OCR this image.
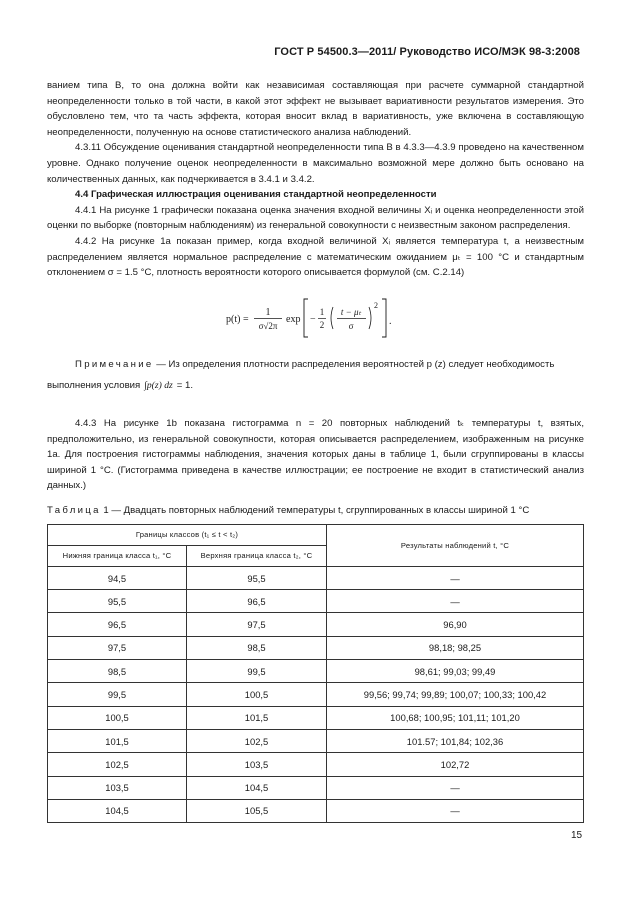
ГОСТ Р 54500.3—2011/ Руководство ИСО/МЭК 98-3:2008

ванием типа В, то она должна войти как независимая составляющая при расчете суммарной стандартной неопределенности только в той части, в какой этот эффект не вызывает вариативности результатов измерения. Это обусловлено тем, что та часть эффекта, которая вносит вклад в вариативность, уже включена в составляющую неопределенности, полученную на основе статистического анализа наблюдений.

4.3.11 Обсуждение оценивания стандартной неопределенности типа В в 4.3.3—4.3.9 проведено на качественном уровне. Однако получение оценок неопределенности в максимально возможной мере должно быть основано на количественных данных, как подчеркивается в 3.4.1 и 3.4.2.

4.4 Графическая иллюстрация оценивания стандартной неопределенности

4.4.1 На рисунке 1 графически показана оценка значения входной величины Xᵢ и оценка неопределенности этой оценки по выборке (повторным наблюдениям) из генеральной совокупности с неизвестным законом распределения.

4.4.2 На рисунке 1а показан пример, когда входной величиной Xᵢ является температура t, а неизвестным распределением является нормальное распределение с математическим ожиданием μₜ = 100 °С и стандартным отклонением σ = 1.5 °С, плотность вероятности которого описывается формулой (см. С.2.14)

p(t) =
1
σ√2π
exp −
1
2
t − μₜ
σ
2
.

Примечание — Из определения плотности распределения вероятностей p (z) следует необходимость

выполнения условия ∫p(z) dz = 1.

4.4.3 На рисунке 1b показана гистограмма n = 20 повторных наблюдений tₖ температуры t, взятых, предположительно, из генеральной совокупности, которая описывается распределением, изображенным на рисунке 1а. Для построения гистограммы наблюдения, значения которых даны в таблице 1, были сгруппированы в классы шириной 1 °С. (Гистограмма приведена в качестве иллюстрации; ее построение не входит в статистический анализ данных.)

Таблица 1 — Двадцать повторных наблюдений температуры t, сгруппированных в классы шириной 1 °С
Границы классов (t₁ ≤ t < t₂)		Результаты наблюдений t, °С
Нижняя граница класса t₁, °С	Верхняя граница класса t₂, °С	
94,5	95,5	—
95,5	96,5	—
96,5	97,5	96,90
97,5	98,5	98,18; 98,25
98,5	99,5	98,61; 99,03; 99,49
99,5	100,5	99,56; 99,74; 99,89; 100,07; 100,33; 100,42
100,5	101,5	100,68; 100,95; 101,11; 101,20
101,5	102,5	101.57; 101,84; 102,36
102,5	103,5	102,72
103,5	104,5	—
104,5	105,5	—
15
